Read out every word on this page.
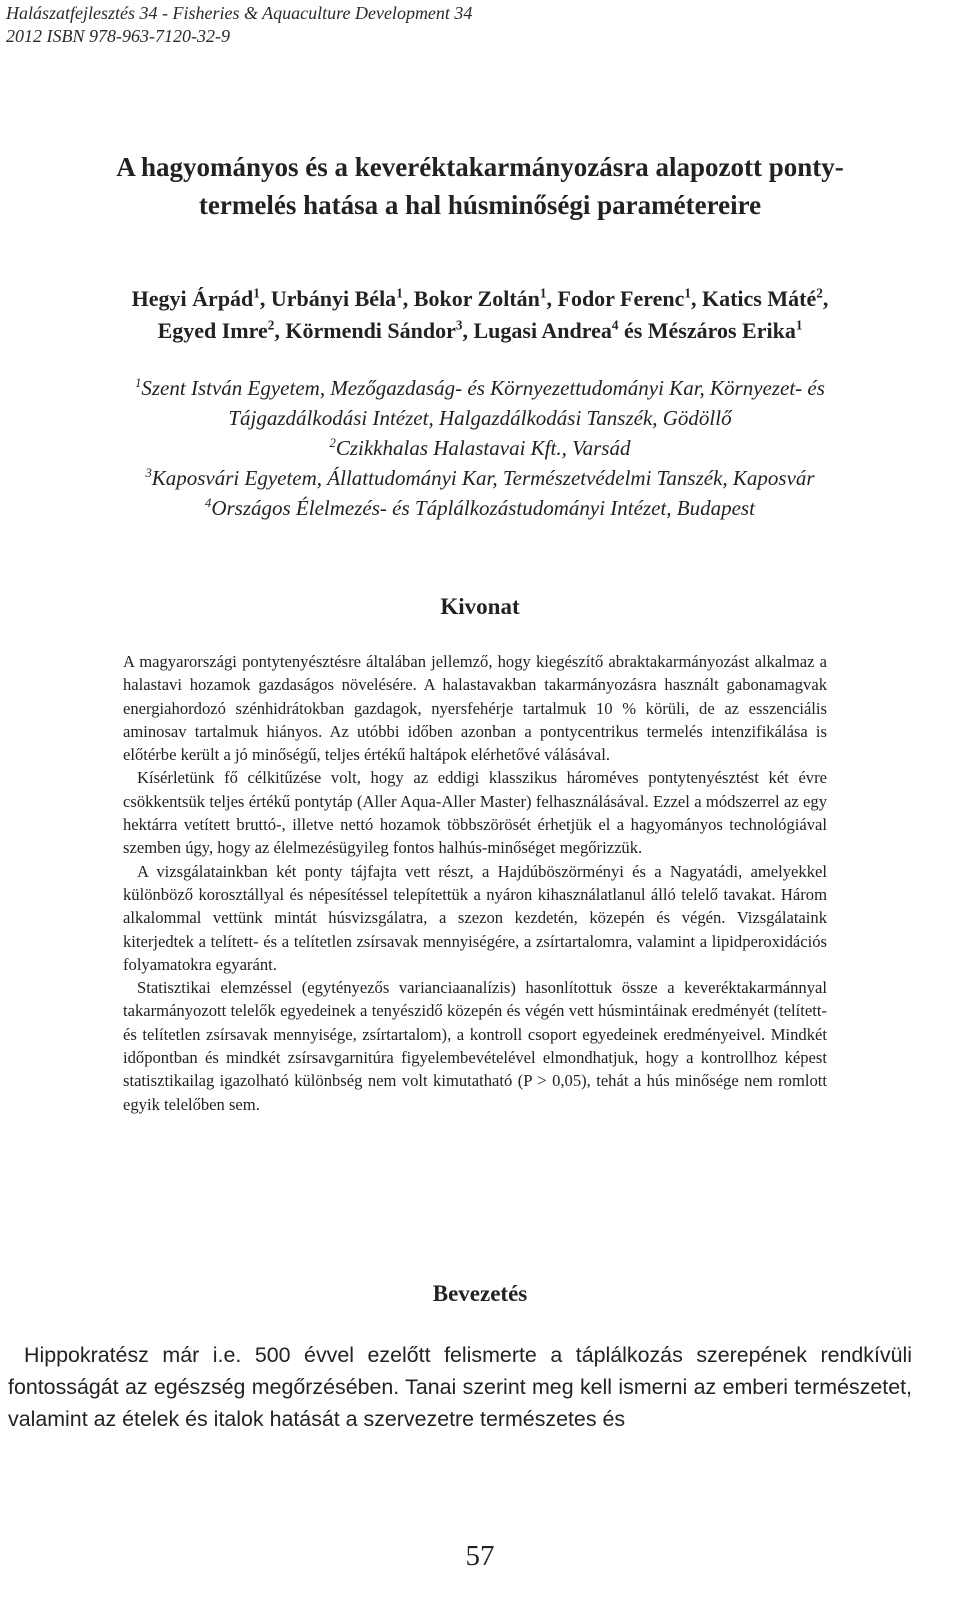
Halászatfejlesztés 34 - Fisheries & Aquaculture Development 34
2012 ISBN 978-963-7120-32-9
A hagyományos és a keveréktakarmányozásra alapozott ponty-
termelés hatása a hal húsminőségi paramétereire
Hegyi Árpád$^1$, Urbányi Béla$^1$, Bokor Zoltán$^1$, Fodor Ferenc$^1$, Katics Máté$^2$,
Egyed Imre$^2$, Körmendi Sándor$^3$, Lugasi Andrea$^4$ és Mészáros Erika$^1$
$^1$Szent István Egyetem, Mezőgazdaság- és Környezettudományi Kar, Környezet- és
Tájgazdálkodási Intézet, Halgazdálkodási Tanszék, Gödöllő
$^2$Czikkhalas Halastavai Kft., Varsád
$^3$Kaposvári Egyetem, Állattudományi Kar, Természetvédelmi Tanszék, Kaposvár
$^4$Országos Élelmezés- és Táplálkozástudományi Intézet, Budapest
Kivonat

A magyarországi pontytenyésztésre általában jellemző, hogy kiegészítő abraktakarmányozást alkalmaz a halastavi hozamok gazdaságos növelésére. A halastavakban takarmányozásra használt gabonamagvak energiahordozó szénhidrátokban gazdagok, nyersfehérje tartalmuk 10 % körüli, de az esszenciális aminosav tartalmuk hiányos. Az utóbbi időben azonban a pontycentrikus termelés intenzifikálása is előtérbe került a jó minőségű, teljes értékű haltápok elérhetővé válásával.

Kísérletünk fő célkitűzése volt, hogy az eddigi klasszikus hároméves pontytenyésztést két évre csökkentsük teljes értékű pontytáp (Aller Aqua-Aller Master) felhasználásával. Ezzel a módszerrel az egy hektárra vetített bruttó-, illetve nettó hozamok többszörösét érhetjük el a hagyományos technológiával szemben úgy, hogy az élelmezésügyileg fontos halhús-minőséget megőrizzük.

A vizsgálatainkban két ponty tájfajta vett részt, a Hajdúböszörményi és a Nagyatádi, amelyekkel különböző korosztállyal és népesítéssel telepítettük a nyáron kihasználatlanul álló telelő tavakat. Három alkalommal vettünk mintát húsvizsgálatra, a szezon kezdetén, közepén és végén. Vizsgálataink kiterjedtek a telített- és a telítetlen zsírsavak mennyiségére, a zsírtartalomra, valamint a lipidperoxidációs folyamatokra egyaránt.

Statisztikai elemzéssel (egytényezős varianciaanalízis) hasonlítottuk össze a keveréktakarmánnyal takarmányozott telelők egyedeinek a tenyészidő közepén és végén vett húsmintáinak eredményét (telített- és telítetlen zsírsavak mennyisége, zsírtartalom), a kontroll csoport egyedeinek eredményeivel. Mindkét időpontban és mindkét zsírsavgarnitúra figyelembevételével elmondhatjuk, hogy a kontrollhoz képest statisztikailag igazolható különbség nem volt kimutatható (P > 0,05), tehát a hús minősége nem romlott egyik telelőben sem.

Bevezetés

Hippokratész már i.e. 500 évvel ezelőtt felismerte a táplálkozás szerepének rendkívüli fontosságát az egészség megőrzésében. Tanai szerint meg kell ismerni az emberi természetet, valamint az ételek és italok hatását a szervezetre természetes és

57
